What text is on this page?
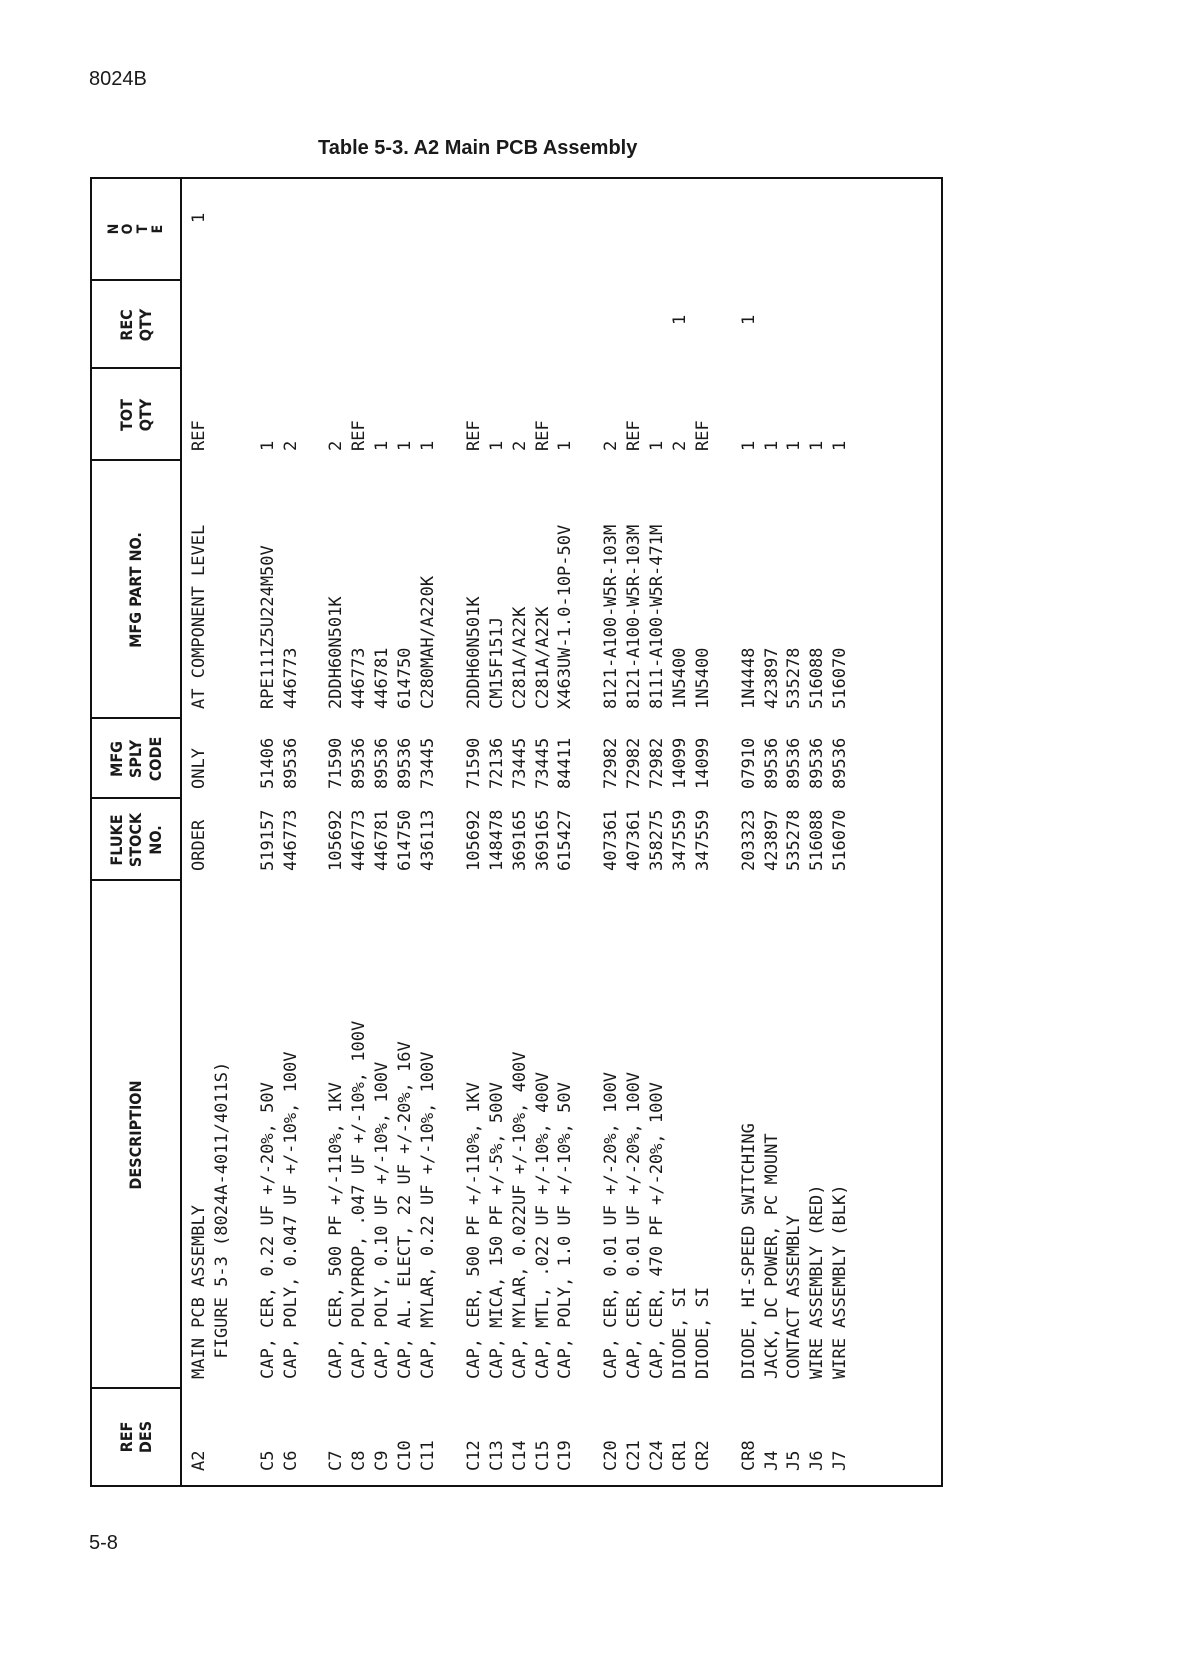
8024B
Table 5-3. A2 Main PCB Assembly
5-8
REF DES
DESCRIPTION
FLUKE STOCK NO.
MFG SPLY CODE
MFG PART NO.
TOT QTY
REC QTY
N
O
T
E
A2
MAIN PCB ASSEMBLY
ORDER
ONLY
AT COMPONENT LEVEL
REF
1
FIGURE 5-3 (8024A-4011/4011S)
C5
CAP, CER, 0.22 UF +/-20%, 50V
519157
51406
RPE111Z5U224M50V
1
C6
CAP, POLY, 0.047 UF +/-10%, 100V
446773
89536
446773
2
C7
CAP, CER, 500 PF +/-110%, 1KV
105692
71590
2DDH60N501K
2
C8
CAP, POLYPROP, .047 UF +/-10%, 100V
446773
89536
446773
REF
C9
CAP, POLY, 0.10 UF +/-10%, 100V
446781
89536
446781
1
C10
CAP, AL. ELECT, 22 UF +/-20%, 16V
614750
89536
614750
1
C11
CAP, MYLAR, 0.22 UF +/-10%, 100V
436113
73445
C280MAH/A220K
1
C12
CAP, CER, 500 PF +/-110%, 1KV
105692
71590
2DDH60N501K
REF
C13
CAP, MICA, 150 PF +/-5%, 500V
148478
72136
CM15F151J
1
C14
CAP, MYLAR, 0.022UF +/-10%, 400V
369165
73445
C281A/A22K
2
C15
CAP, MTL, .022 UF +/-10%, 400V
369165
73445
C281A/A22K
REF
C19
CAP, POLY, 1.0 UF +/-10%, 50V
615427
84411
X463UW-1.0-10P-50V
1
C20
CAP, CER, 0.01 UF +/-20%, 100V
407361
72982
8121-A100-W5R-103M
2
C21
CAP, CER, 0.01 UF +/-20%, 100V
407361
72982
8121-A100-W5R-103M
REF
C24
CAP, CER, 470 PF +/-20%, 100V
358275
72982
8111-A100-W5R-471M
1
CR1
DIODE, SI
347559
14099
1N5400
2
1
CR2
DIODE, SI
347559
14099
1N5400
REF
CR8
DIODE, HI-SPEED SWITCHING
203323
07910
1N4448
1
1
J4
JACK, DC POWER, PC MOUNT
423897
89536
423897
1
J5
CONTACT ASSEMBLY
535278
89536
535278
1
J6
WIRE ASSEMBLY (RED)
516088
89536
516088
1
J7
WIRE ASSEMBLY (BLK)
516070
89536
516070
1
